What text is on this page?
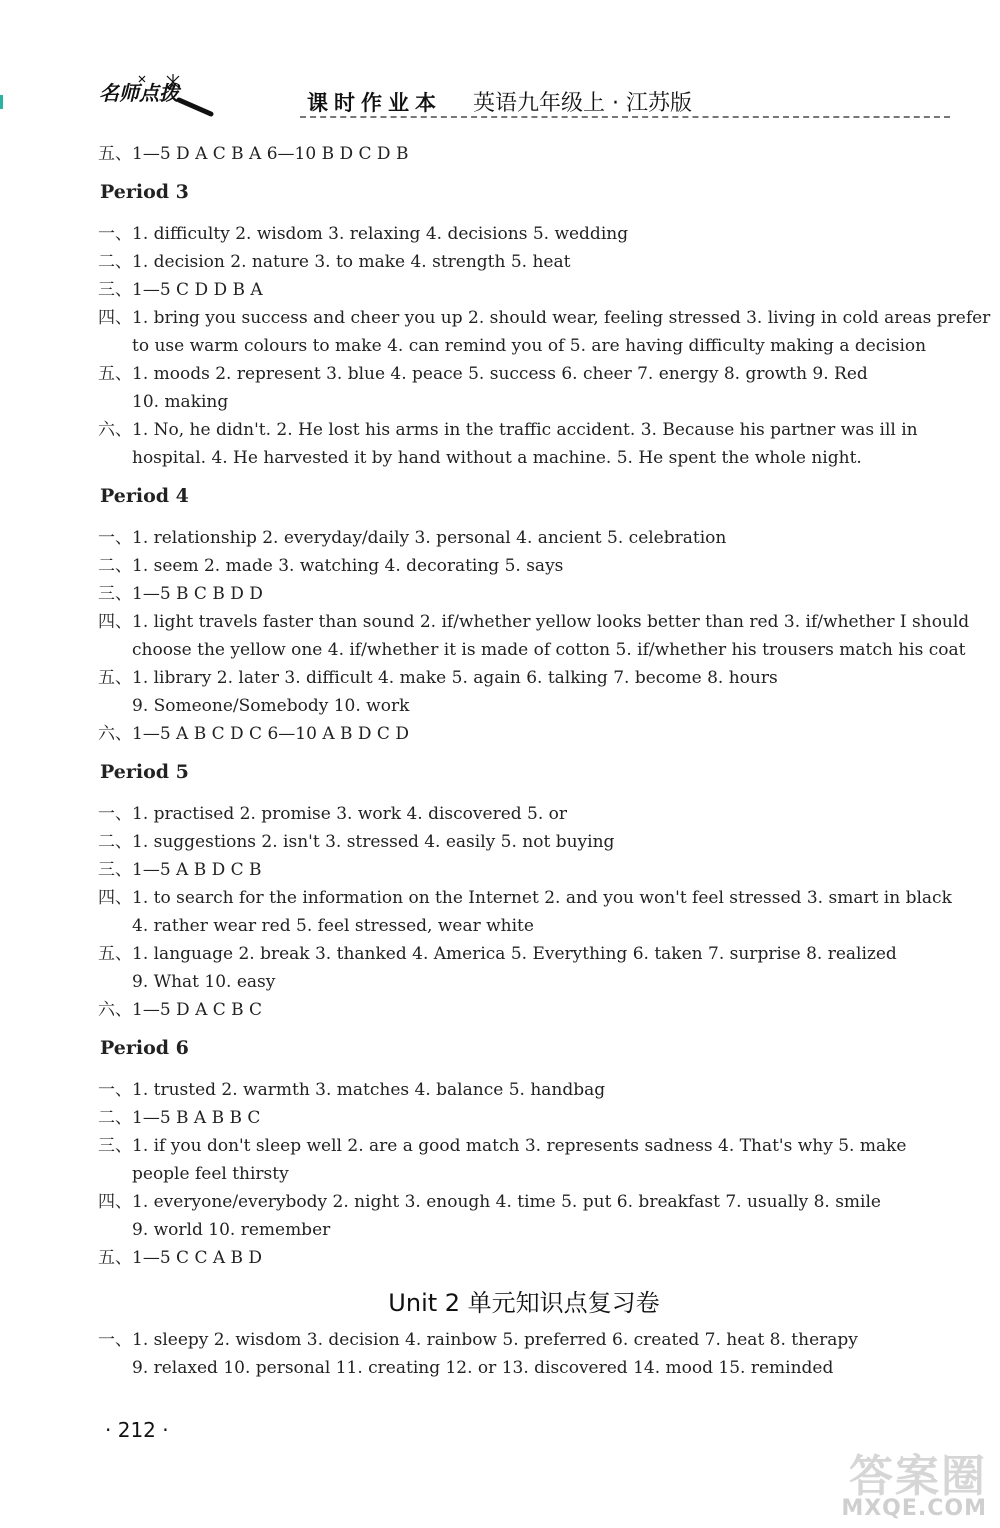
名师点拨	课时作业本 英语九年级上 · 江苏版
五、1—5 D A C B A 6—10 B D C D B
Period 3
一、1. difficulty 2. wisdom 3. relaxing 4. decisions 5. wedding
二、1. decision 2. nature 3. to make 4. strength 5. heat
三、1—5 C D D B A
四、1. bring you success and cheer you up 2. should wear, feeling stressed 3. living in cold areas prefer
to use warm colours to make 4. can remind you of 5. are having difficulty making a decision
五、1. moods 2. represent 3. blue 4. peace 5. success 6. cheer 7. energy 8. growth 9. Red
10. making
六、1. No, he didn't. 2. He lost his arms in the traffic accident. 3. Because his partner was ill in
hospital. 4. He harvested it by hand without a machine. 5. He spent the whole night.
Period 4
一、1. relationship 2. everyday/daily 3. personal 4. ancient 5. celebration
二、1. seem 2. made 3. watching 4. decorating 5. says
三、1—5 B C B D D
四、1. light travels faster than sound 2. if/whether yellow looks better than red 3. if/whether I should
choose the yellow one 4. if/whether it is made of cotton 5. if/whether his trousers match his coat
五、1. library 2. later 3. difficult 4. make 5. again 6. talking 7. become 8. hours
9. Someone/Somebody 10. work
六、1—5 A B C D C 6—10 A B D C D
Period 5
一、1. practised 2. promise 3. work 4. discovered 5. or
二、1. suggestions 2. isn't 3. stressed 4. easily 5. not buying
三、1—5 A B D C B
四、1. to search for the information on the Internet 2. and you won't feel stressed 3. smart in black
4. rather wear red 5. feel stressed, wear white
五、1. language 2. break 3. thanked 4. America 5. Everything 6. taken 7. surprise 8. realized
9. What 10. easy
六、1—5 D A C B C
Period 6
一、1. trusted 2. warmth 3. matches 4. balance 5. handbag
二、1—5 B A B B C
三、1. if you don't sleep well 2. are a good match 3. represents sadness 4. That's why 5. make
people feel thirsty
四、1. everyone/everybody 2. night 3. enough 4. time 5. put 6. breakfast 7. usually 8. smile
9. world 10. remember
五、1—5 C C A B D
Unit 2 单元知识点复习卷
一、1. sleepy 2. wisdom 3. decision 4. rainbow 5. preferred 6. created 7. heat 8. therapy
9. relaxed 10. personal 11. creating 12. or 13. discovered 14. mood 15. reminded
· 212 ·
答案圈
MXQE.COM
